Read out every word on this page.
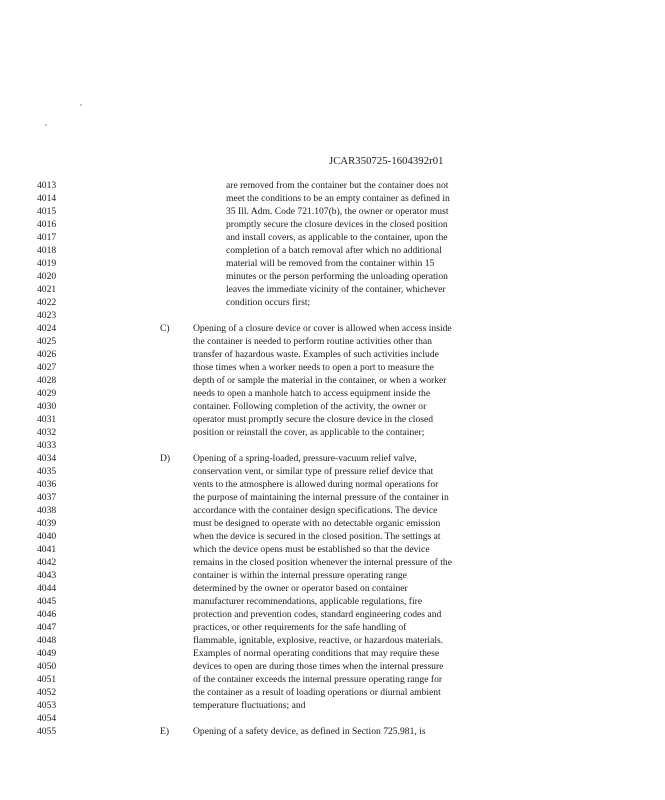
JCAR350725-1604392r01
4013	are removed from the container but the container does not
4014	meet the conditions to be an empty container as defined in
4015	35 Ill. Adm. Code 721.107(b), the owner or operator must
4016	promptly secure the closure devices in the closed position
4017	and install covers, as applicable to the container, upon the
4018	completion of a batch removal after which no additional
4019	material will be removed from the container within 15
4020	minutes or the person performing the unloading operation
4021	leaves the immediate vicinity of the container, whichever
4022	condition occurs first;
4023
4024	C) Opening of a closure device or cover is allowed when access inside
4025	the container is needed to perform routine activities other than
4026	transfer of hazardous waste. Examples of such activities include
4027	those times when a worker needs to open a port to measure the
4028	depth of or sample the material in the container, or when a worker
4029	needs to open a manhole hatch to access equipment inside the
4030	container. Following completion of the activity, the owner or
4031	operator must promptly secure the closure device in the closed
4032	position or reinstall the cover, as applicable to the container;
4033
4034	D) Opening of a spring-loaded, pressure-vacuum relief valve,
4035	conservation vent, or similar type of pressure relief device that
4036	vents to the atmosphere is allowed during normal operations for
4037	the purpose of maintaining the internal pressure of the container in
4038	accordance with the container design specifications. The device
4039	must be designed to operate with no detectable organic emission
4040	when the device is secured in the closed position. The settings at
4041	which the device opens must be established so that the device
4042	remains in the closed position whenever the internal pressure of the
4043	container is within the internal pressure operating range
4044	determined by the owner or operator based on container
4045	manufacturer recommendations, applicable regulations, fire
4046	protection and prevention codes, standard engineering codes and
4047	practices, or other requirements for the safe handling of
4048	flammable, ignitable, explosive, reactive, or hazardous materials.
4049	Examples of normal operating conditions that may require these
4050	devices to open are during those times when the internal pressure
4051	of the container exceeds the internal pressure operating range for
4052	the container as a result of loading operations or diurnal ambient
4053	temperature fluctuations; and
4054
4055	E) Opening of a safety device, as defined in Section 725.981, is
